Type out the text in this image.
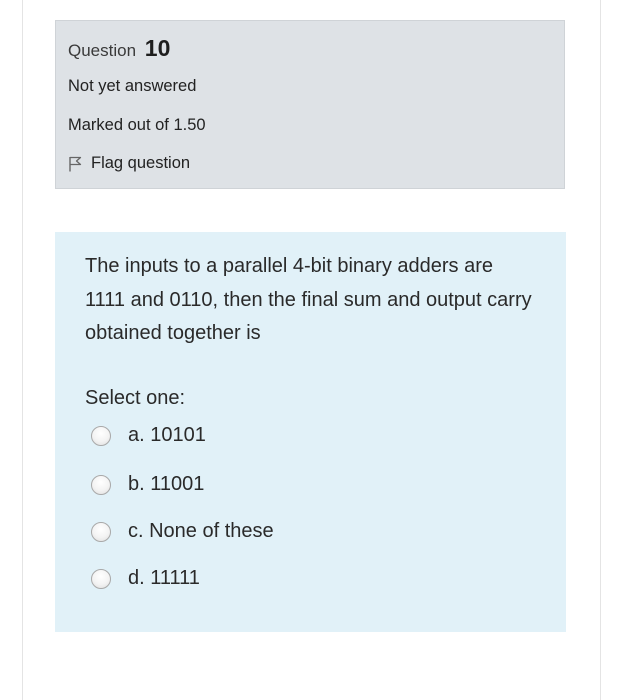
Question 10
Not yet answered
Marked out of 1.50
Flag question
The inputs to a parallel 4-bit binary adders are 1111 and 0110, then the final sum and output carry obtained together is
Select one:
a. 10101
b. 11001
c. None of these
d. 11111
